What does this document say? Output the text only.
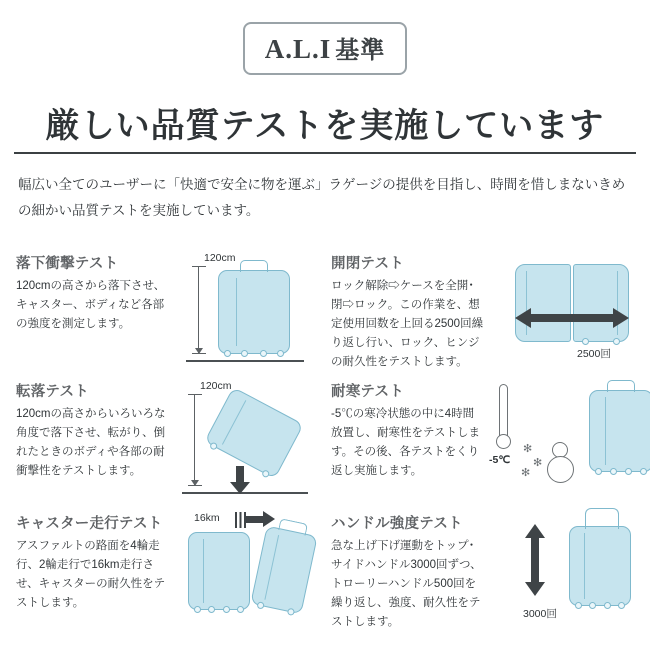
A.L.I 基準
厳しい品質テストを実施しています
幅広い全てのユーザーに「快適で安全に物を運ぶ」ラゲージの提供を目指し、時間を惜しまないきめの細かい品質テストを実施しています。

落下衝撃テスト

120cmの高さから落下させ、キャスター、ボディなど各部の強度を測定します。

120cm	開閉テスト

ロック解除⇨ケースを全開･閉⇨ロック。この作業を、想定使用回数を上回る2500回繰り返し行い、ロック、ヒンジの耐久性をテストします。

2500回

転落テスト

120cmの高さからいろいろな角度で落下させ、転がり、倒れたときのボディや各部の耐衝撃性をテストします。

120cm	耐寒テスト

-5℃の寒冷状態の中に4時間放置し、耐寒性をテストします。その後、各テストをくり返し実施します。

-5℃
✻
✻
✻

キャスター走行テスト

アスファルトの路面を4輪走行、2輪走行で16km走行させ、キャスターの耐久性をテストします。

16km	ハンドル強度テスト

急な上げ下げ運動をトップ･サイドハンドル3000回ずつ、トローリーハンドル500回を繰り返し、強度、耐久性をテストします。

3000回
